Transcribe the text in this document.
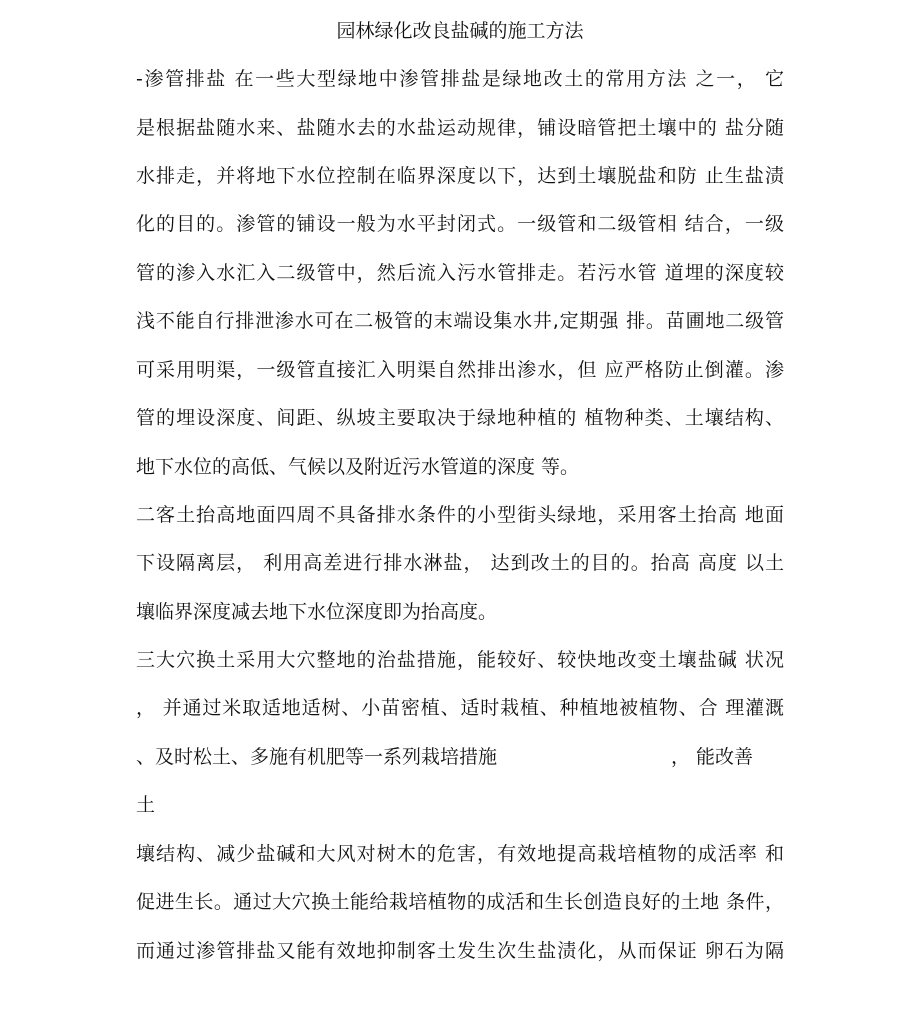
园林绿化改良盐碱的施工方法
-渗管排盐 在一些大型绿地中渗管排盐是绿地改土的常用方法 之一， 它
是根据盐随水来、盐随水去的水盐运动规律，铺设暗管把土壤中的 盐分随
水排走，并将地下水位控制在临界深度以下，达到土壤脱盐和防 止生盐渍
化的目的。渗管的铺设一般为水平封闭式。一级管和二级管相 结合，一级
管的渗入水汇入二级管中，然后流入污水管排走。若污水管 道埋的深度较
浅不能自行排泄渗水可在二极管的末端设集水井,定期强 排。苗圃地二级管
可采用明渠，一级管直接汇入明渠自然排出渗水，但 应严格防止倒灌。渗
管的埋设深度、间距、纵坡主要取决于绿地种植的 植物种类、土壤结构、
地下水位的高低、气候以及附近污水管道的深度 等。
二客土抬高地面四周不具备排水条件的小型街头绿地，采用客土抬高 地面
下设隔离层， 利用高差进行排水淋盐， 达到改土的目的。抬高 高度 以土
壤临界深度减去地下水位深度即为抬高度。
三大穴换土采用大穴整地的治盐措施，能较好、较快地改变土壤盐碱 状况
， 并通过米取适地适树、小苗密植、适时栽植、种植地被植物、合 理灌溉
、及时松土、多施有机肥等一系列栽培措施	， 能改善
土
壤结构、减少盐碱和大风对树木的危害，有效地提高栽培植物的成活率 和
促进生长。通过大穴换土能给栽培植物的成活和生长创造良好的土地 条件，
而通过渗管排盐又能有效地抑制客土发生次生盐渍化，从而保证 卵石为隔
